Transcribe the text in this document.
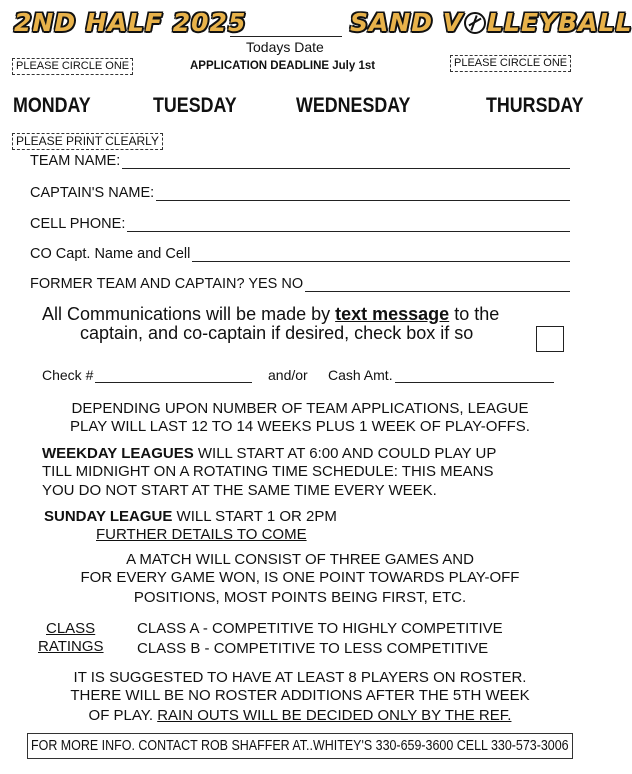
2ND HALF 2025	SAND V LLEYBALL
Todays Date
PLEASE CIRCLE ONE	APPLICATION DEADLINE July 1st	PLEASE CIRCLE ONE
MONDAY	TUESDAY	WEDNESDAY	THURSDAY
PLEASE PRINT CLEARLY
TEAM NAME:
CAPTAIN'S NAME:
CELL PHONE:
CO Capt. Name and Cell
FORMER TEAM AND CAPTAIN? YES NO
All Communications will be made by text message to the
captain, and co-captain if desired, check box if so
Check #	and/or Cash Amt.
DEPENDING UPON NUMBER OF TEAM APPLICATIONS, LEAGUE
PLAY WILL LAST 12 TO 14 WEEKS PLUS 1 WEEK OF PLAY-OFFS.
WEEKDAY LEAGUES WILL START AT 6:00 AND COULD PLAY UP
TILL MIDNIGHT ON A ROTATING TIME SCHEDULE: THIS MEANS
YOU DO NOT START AT THE SAME TIME EVERY WEEK.
SUNDAY LEAGUE WILL START 1 OR 2PM
FURTHER DETAILS TO COME
A MATCH WILL CONSIST OF THREE GAMES AND
FOR EVERY GAME WON, IS ONE POINT TOWARDS PLAY-OFF
POSITIONS, MOST POINTS BEING FIRST, ETC.
CLASS
RATINGS
CLASS A - COMPETITIVE TO HIGHLY COMPETITIVE
CLASS B - COMPETITIVE TO LESS COMPETITIVE
IT IS SUGGESTED TO HAVE AT LEAST 8 PLAYERS ON ROSTER.
THERE WILL BE NO ROSTER ADDITIONS AFTER THE 5TH WEEK
OF PLAY. RAIN OUTS WILL BE DECIDED ONLY BY THE REF.
FOR MORE INFO. CONTACT ROB SHAFFER AT..WHITEY'S 330-659-3600 CELL 330-573-3006
